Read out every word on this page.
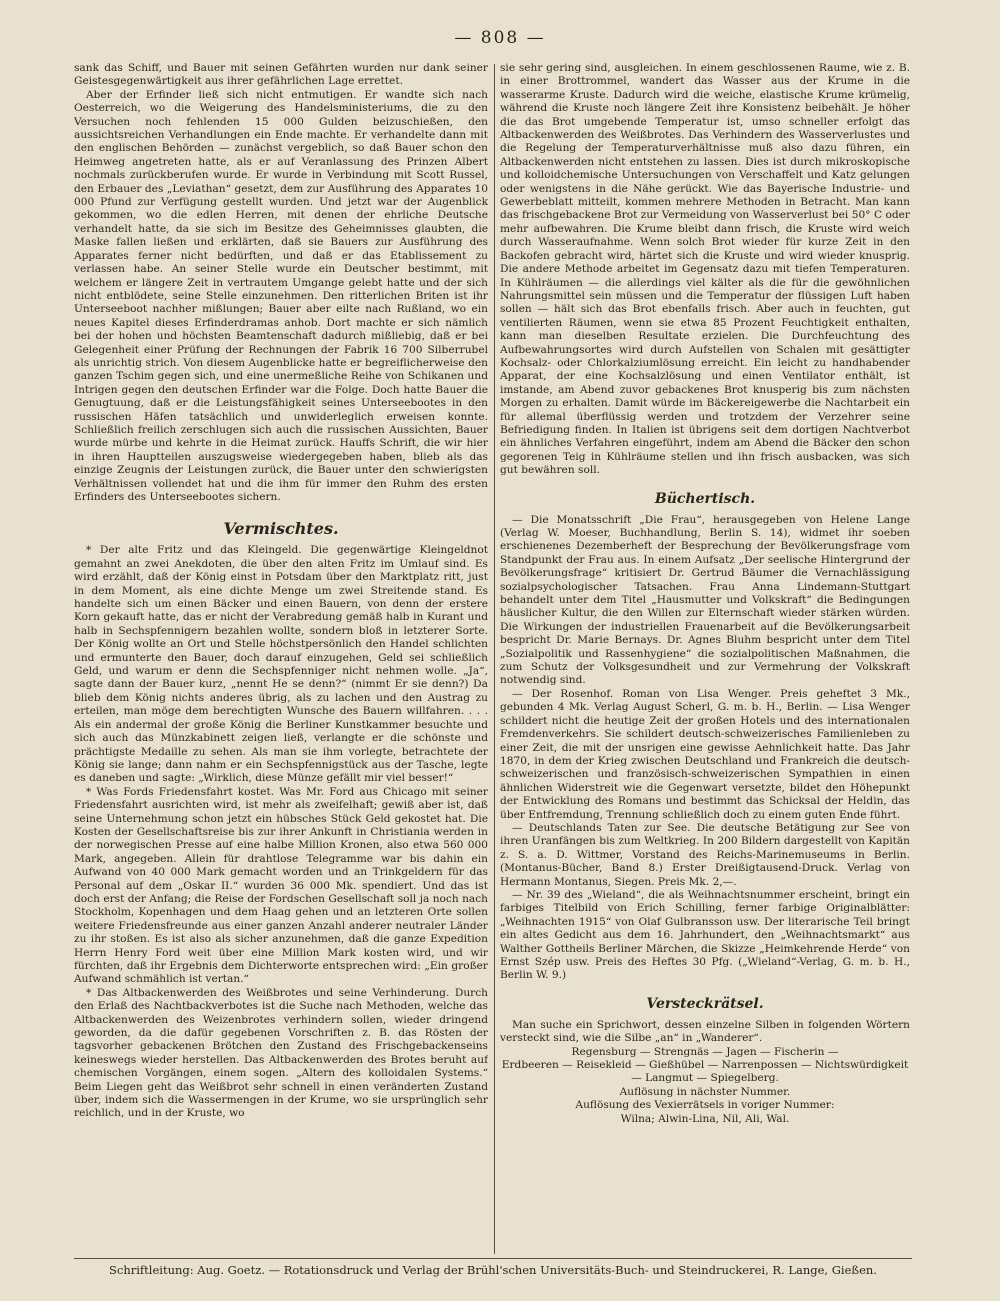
— 808 —

sank das Schiff, und Bauer mit seinen Gefährten wurden nur dank seiner Geistesgegenwärtigkeit aus ihrer gefährlichen Lage errettet.

Aber der Erfinder ließ sich nicht entmutigen. Er wandte sich nach Oesterreich, wo die Weigerung des Handelsministeriums, die zu den Versuchen noch fehlenden 15 000 Gulden beizuschießen, den aussichtsreichen Verhandlungen ein Ende machte. Er verhandelte dann mit den englischen Behörden — zunächst vergeblich, so daß Bauer schon den Heimweg angetreten hatte, als er auf Veranlassung des Prinzen Albert nochmals zurückberufen wurde. Er wurde in Verbindung mit Scott Russel, den Erbauer des „Leviathan“ gesetzt, dem zur Ausführung des Apparates 10 000 Pfund zur Verfügung gestellt wurden. Und jetzt war der Augenblick gekommen, wo die edlen Herren, mit denen der ehrliche Deutsche verhandelt hatte, da sie sich im Besitze des Geheimnisses glaubten, die Maske fallen ließen und erklärten, daß sie Bauers zur Ausführung des Apparates ferner nicht bedürften, und daß er das Etablissement zu verlassen habe. An seiner Stelle wurde ein Deutscher bestimmt, mit welchem er längere Zeit in vertrautem Umgange gelebt hatte und der sich nicht entblödete, seine Stelle einzunehmen. Den ritterlichen Briten ist ihr Unterseeboot nachher mißlungen; Bauer aber eilte nach Rußland, wo ein neues Kapitel dieses Erfinderdramas anhob. Dort machte er sich nämlich bei der hohen und höchsten Beamtenschaft dadurch mißliebig, daß er bei Gelegenheit einer Prüfung der Rechnungen der Fabrik 16 700 Silberrubel als unrichtig strich. Von diesem Augenblicke hatte er begreiflicherweise den ganzen Tschim gegen sich, und eine unermeßliche Reihe von Schikanen und Intrigen gegen den deutschen Erfinder war die Folge. Doch hatte Bauer die Genugtuung, daß er die Leistungsfähigkeit seines Unterseebootes in den russischen Häfen tatsächlich und unwiderleglich erweisen konnte. Schließlich freilich zerschlugen sich auch die russischen Aussichten, Bauer wurde mürbe und kehrte in die Heimat zurück. Hauffs Schrift, die wir hier in ihren Hauptteilen auszugsweise wiedergegeben haben, blieb als das einzige Zeugnis der Leistungen zurück, die Bauer unter den schwierigsten Verhältnissen vollendet hat und die ihm für immer den Ruhm des ersten Erfinders des Unterseebootes sichern.

Vermischtes.

* Der alte Fritz und das Kleingeld. Die gegenwärtige Kleingeldnot gemahnt an zwei Anekdoten, die über den alten Fritz im Umlauf sind. Es wird erzählt, daß der König einst in Potsdam über den Marktplatz ritt, just in dem Moment, als eine dichte Menge um zwei Streitende stand. Es handelte sich um einen Bäcker und einen Bauern, von denn der erstere Korn gekauft hatte, das er nicht der Verabredung gemäß halb in Kurant und halb in Sechspfennigern bezahlen wollte, sondern bloß in letzterer Sorte. Der König wollte an Ort und Stelle höchstpersönlich den Handel schlichten und ermunterte den Bauer, doch darauf einzugehen, Geld sei schließlich Geld, und warum er denn die Sechspfenniger nicht nehmen wolle. „Ja“, sagte dann der Bauer kurz, „nennt He se denn?“ (nimmt Er sie denn?) Da blieb dem König nichts anderes übrig, als zu lachen und den Austrag zu erteilen, man möge dem berechtigten Wunsche des Bauern willfahren. . . . Als ein andermal der große König die Berliner Kunstkammer besuchte und sich auch das Münzkabinett zeigen ließ, verlangte er die schönste und prächtigste Medaille zu sehen. Als man sie ihm vorlegte, betrachtete der König sie lange; dann nahm er ein Sechspfennigstück aus der Tasche, legte es daneben und sagte: „Wirklich, diese Münze gefällt mir viel besser!“

* Was Fords Friedensfahrt kostet. Was Mr. Ford aus Chicago mit seiner Friedensfahrt ausrichten wird, ist mehr als zweifelhaft; gewiß aber ist, daß seine Unternehmung schon jetzt ein hübsches Stück Geld gekostet hat. Die Kosten der Gesellschaftsreise bis zur ihrer Ankunft in Christiania werden in der norwegischen Presse auf eine halbe Million Kronen, also etwa 560 000 Mark, angegeben. Allein für drahtlose Telegramme war bis dahin ein Aufwand von 40 000 Mark gemacht worden und an Trinkgeldern für das Personal auf dem „Oskar II.“ wurden 36 000 Mk. spendiert. Und das ist doch erst der Anfang; die Reise der Fordschen Gesellschaft soll ja noch nach Stockholm, Kopenhagen und dem Haag gehen und an letzteren Orte sollen weitere Friedensfreunde aus einer ganzen Anzahl anderer neutraler Länder zu ihr stoßen. Es ist also als sicher anzunehmen, daß die ganze Expedition Herrn Henry Ford weit über eine Million Mark kosten wird, und wir fürchten, daß ihr Ergebnis dem Dichterworte entsprechen wird: „Ein großer Aufwand schmählich ist vertan.“

* Das Altbackenwerden des Weißbrotes und seine Verhinderung. Durch den Erlaß des Nachtbackverbotes ist die Suche nach Methoden, welche das Altbackenwerden des Weizenbrotes verhindern sollen, wieder dringend geworden, da die dafür gegebenen Vorschriften z. B. das Rösten der tagsvorher gebackenen Brötchen den Zustand des Frischgebackenseins keineswegs wieder herstellen. Das Altbackenwerden des Brotes beruht auf chemischen Vorgängen, einem sogen. „Altern des kolloidalen Systems.“ Beim Liegen geht das Weißbrot sehr schnell in einen veränderten Zustand über, indem sich die Wassermengen in der Krume, wo sie ursprünglich sehr reichlich, und in der Kruste, wo

sie sehr gering sind, ausgleichen. In einem geschlossenen Raume, wie z. B. in einer Brottrommel, wandert das Wasser aus der Krume in die wasserarme Kruste. Dadurch wird die weiche, elastische Krume krümelig, während die Kruste noch längere Zeit ihre Konsistenz beibehält. Je höher die das Brot umgebende Temperatur ist, umso schneller erfolgt das Altbackenwerden des Weißbrotes. Das Verhindern des Wasserverlustes und die Regelung der Temperaturverhältnisse muß also dazu führen, ein Altbackenwerden nicht entstehen zu lassen. Dies ist durch mikroskopische und kolloidchemische Untersuchungen von Verschaffelt und Katz gelungen oder wenigstens in die Nähe gerückt. Wie das Bayerische Industrie- und Gewerbeblatt mitteilt, kommen mehrere Methoden in Betracht. Man kann das frischgebackene Brot zur Vermeidung von Wasserverlust bei 50° C oder mehr aufbewahren. Die Krume bleibt dann frisch, die Kruste wird weich durch Wasseraufnahme. Wenn solch Brot wieder für kurze Zeit in den Backofen gebracht wird, härtet sich die Kruste und wird wieder knusprig. Die andere Methode arbeitet im Gegensatz dazu mit tiefen Temperaturen. In Kühlräumen — die allerdings viel kälter als die für die gewöhnlichen Nahrungsmittel sein müssen und die Temperatur der flüssigen Luft haben sollen — hält sich das Brot ebenfalls frisch. Aber auch in feuchten, gut ventilierten Räumen, wenn sie etwa 85 Prozent Feuchtigkeit enthalten, kann man dieselben Resultate erzielen. Die Durchfeuchtung des Aufbewahrungsortes wird durch Aufstellen von Schalen mit gesättigter Kochsalz- oder Chlorkalziumlösung erreicht. Ein leicht zu handhabender Apparat, der eine Kochsalzlösung und einen Ventilator enthält, ist imstande, am Abend zuvor gebackenes Brot knusperig bis zum nächsten Morgen zu erhalten. Damit würde im Bäckereigewerbe die Nachtarbeit ein für allemal überflüssig werden und trotzdem der Verzehrer seine Befriedigung finden. In Italien ist übrigens seit dem dortigen Nachtverbot ein ähnliches Verfahren eingeführt, indem am Abend die Bäcker den schon gegorenen Teig in Kühlräume stellen und ihn frisch ausbacken, was sich gut bewähren soll.

Büchertisch.

— Die Monatsschrift „Die Frau“, herausgegeben von Helene Lange (Verlag W. Moeser, Buchhandlung, Berlin S. 14), widmet ihr soeben erschienenes Dezemberheft der Besprechung der Bevölkerungsfrage vom Standpunkt der Frau aus. In einem Aufsatz „Der seelische Hintergrund der Bevölkerungsfrage“ kritisiert Dr. Gertrud Bäumer die Vernachlässigung sozialpsychologischer Tatsachen. Frau Anna Lindemann-Stuttgart behandelt unter dem Titel „Hausmutter und Volkskraft“ die Bedingungen häuslicher Kultur, die den Willen zur Elternschaft wieder stärken würden. Die Wirkungen der industriellen Frauenarbeit auf die Bevölkerungsarbeit bespricht Dr. Marie Bernays. Dr. Agnes Bluhm bespricht unter dem Titel „Sozialpolitik und Rassenhygiene“ die sozialpolitischen Maßnahmen, die zum Schutz der Volksgesundheit und zur Vermehrung der Volkskraft notwendig sind.

— Der Rosenhof. Roman von Lisa Wenger. Preis geheftet 3 Mk., gebunden 4 Mk. Verlag August Scherl, G. m. b. H., Berlin. — Lisa Wenger schildert nicht die heutige Zeit der großen Hotels und des internationalen Fremdenverkehrs. Sie schildert deutsch-schweizerisches Familienleben zu einer Zeit, die mit der unsrigen eine gewisse Aehnlichkeit hatte. Das Jahr 1870, in dem der Krieg zwischen Deutschland und Frankreich die deutsch-schweizerischen und französisch-schweizerischen Sympathien in einen ähnlichen Widerstreit wie die Gegenwart versetzte, bildet den Höhepunkt der Entwicklung des Romans und bestimmt das Schicksal der Heldin, das über Entfremdung, Trennung schließlich doch zu einem guten Ende führt.

— Deutschlands Taten zur See. Die deutsche Betätigung zur See von ihren Uranfängen bis zum Weltkrieg. In 200 Bildern dargestellt von Kapitän z. S. a. D. Wittmer, Vorstand des Reichs-Marinemuseums in Berlin. (Montanus-Bücher, Band 8.) Erster Dreißigtausend-Druck. Verlag von Hermann Montanus, Siegen. Preis Mk. 2,—.

— Nr. 39 des „Wieland“, die als Weihnachtsnummer erscheint, bringt ein farbiges Titelbild von Erich Schilling, ferner farbige Originalblätter: „Weihnachten 1915“ von Olaf Gulbransson usw. Der literarische Teil bringt ein altes Gedicht aus dem 16. Jahrhundert, den „Weihnachtsmarkt“ aus Walther Gottheils Berliner Märchen, die Skizze „Heimkehrende Herde“ von Ernst Szép usw. Preis des Heftes 30 Pfg. („Wieland“-Verlag, G. m. b. H., Berlin W. 9.)

Versteckrätsel.

Man suche ein Sprichwort, dessen einzelne Silben in folgenden Wörtern versteckt sind, wie die Silbe „an“ in „Wanderer“.

Regensburg — Strengnäs — Jagen — Fischerin —

Erdbeeren — Reisekleid — Gießhübel — Narrenpossen — Nichtswürdigkeit — Langmut — Spiegelberg.

Auflösung in nächster Nummer.

Auflösung des Vexierrätsels in voriger Nummer:

Wilna; Alwin-Lina, Nil, Ali, Wal.

Schriftleitung: Aug. Goetz. — Rotationsdruck und Verlag der Brühl'schen Universitäts-Buch- und Steindruckerei, R. Lange, Gießen.
